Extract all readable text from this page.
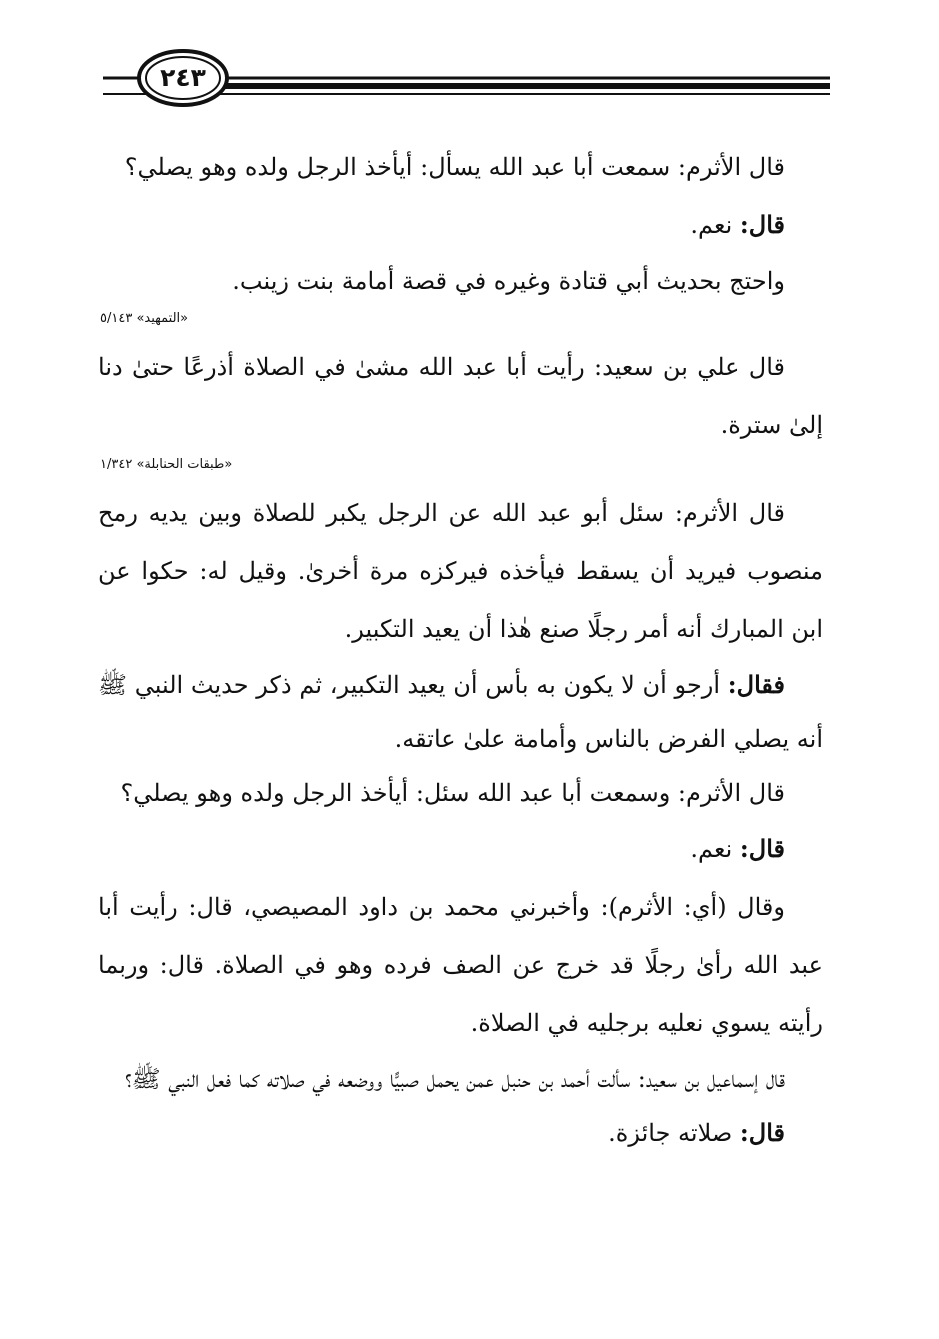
٢٤٣

قال الأثرم: سمعت أبا عبد الله يسأل: أيأخذ الرجل ولده وهو يصلي؟

قال: نعم.

واحتج بحديث أبي قتادة وغيره في قصة أمامة بنت زينب.

«التمهيد» ٥/١٤٣

قال علي بن سعيد: رأيت أبا عبد الله مشىٰ في الصلاة أذرعًا حتىٰ دنا إلىٰ سترة.

«طبقات الحنابلة» ١/٣٤٢

قال الأثرم: سئل أبو عبد الله عن الرجل يكبر للصلاة وبين يديه رمح منصوب فيريد أن يسقط فيأخذه فيركزه مرة أخرىٰ. وقيل له: حكوا عن ابن المبارك أنه أمر رجلًا صنع هٰذا أن يعيد التكبير.

فقال: أرجو أن لا يكون به بأس أن يعيد التكبير، ثم ذكر حديث النبي ﷺ أنه يصلي الفرض بالناس وأمامة علىٰ عاتقه.

قال الأثرم: وسمعت أبا عبد الله سئل: أيأخذ الرجل ولده وهو يصلي؟

قال: نعم.

وقال (أي: الأثرم): وأخبرني محمد بن داود المصيصي، قال: رأيت أبا عبد الله رأىٰ رجلًا قد خرج عن الصف فرده وهو في الصلاة. قال: وربما رأيته يسوي نعليه برجليه في الصلاة.

قال إسماعيل بن سعيد: سألت أحمد بن حنبل عمن يحمل صبيًّا ووضعه في صلاته كما فعل النبي ﷺ؟

قال: صلاته جائزة.
